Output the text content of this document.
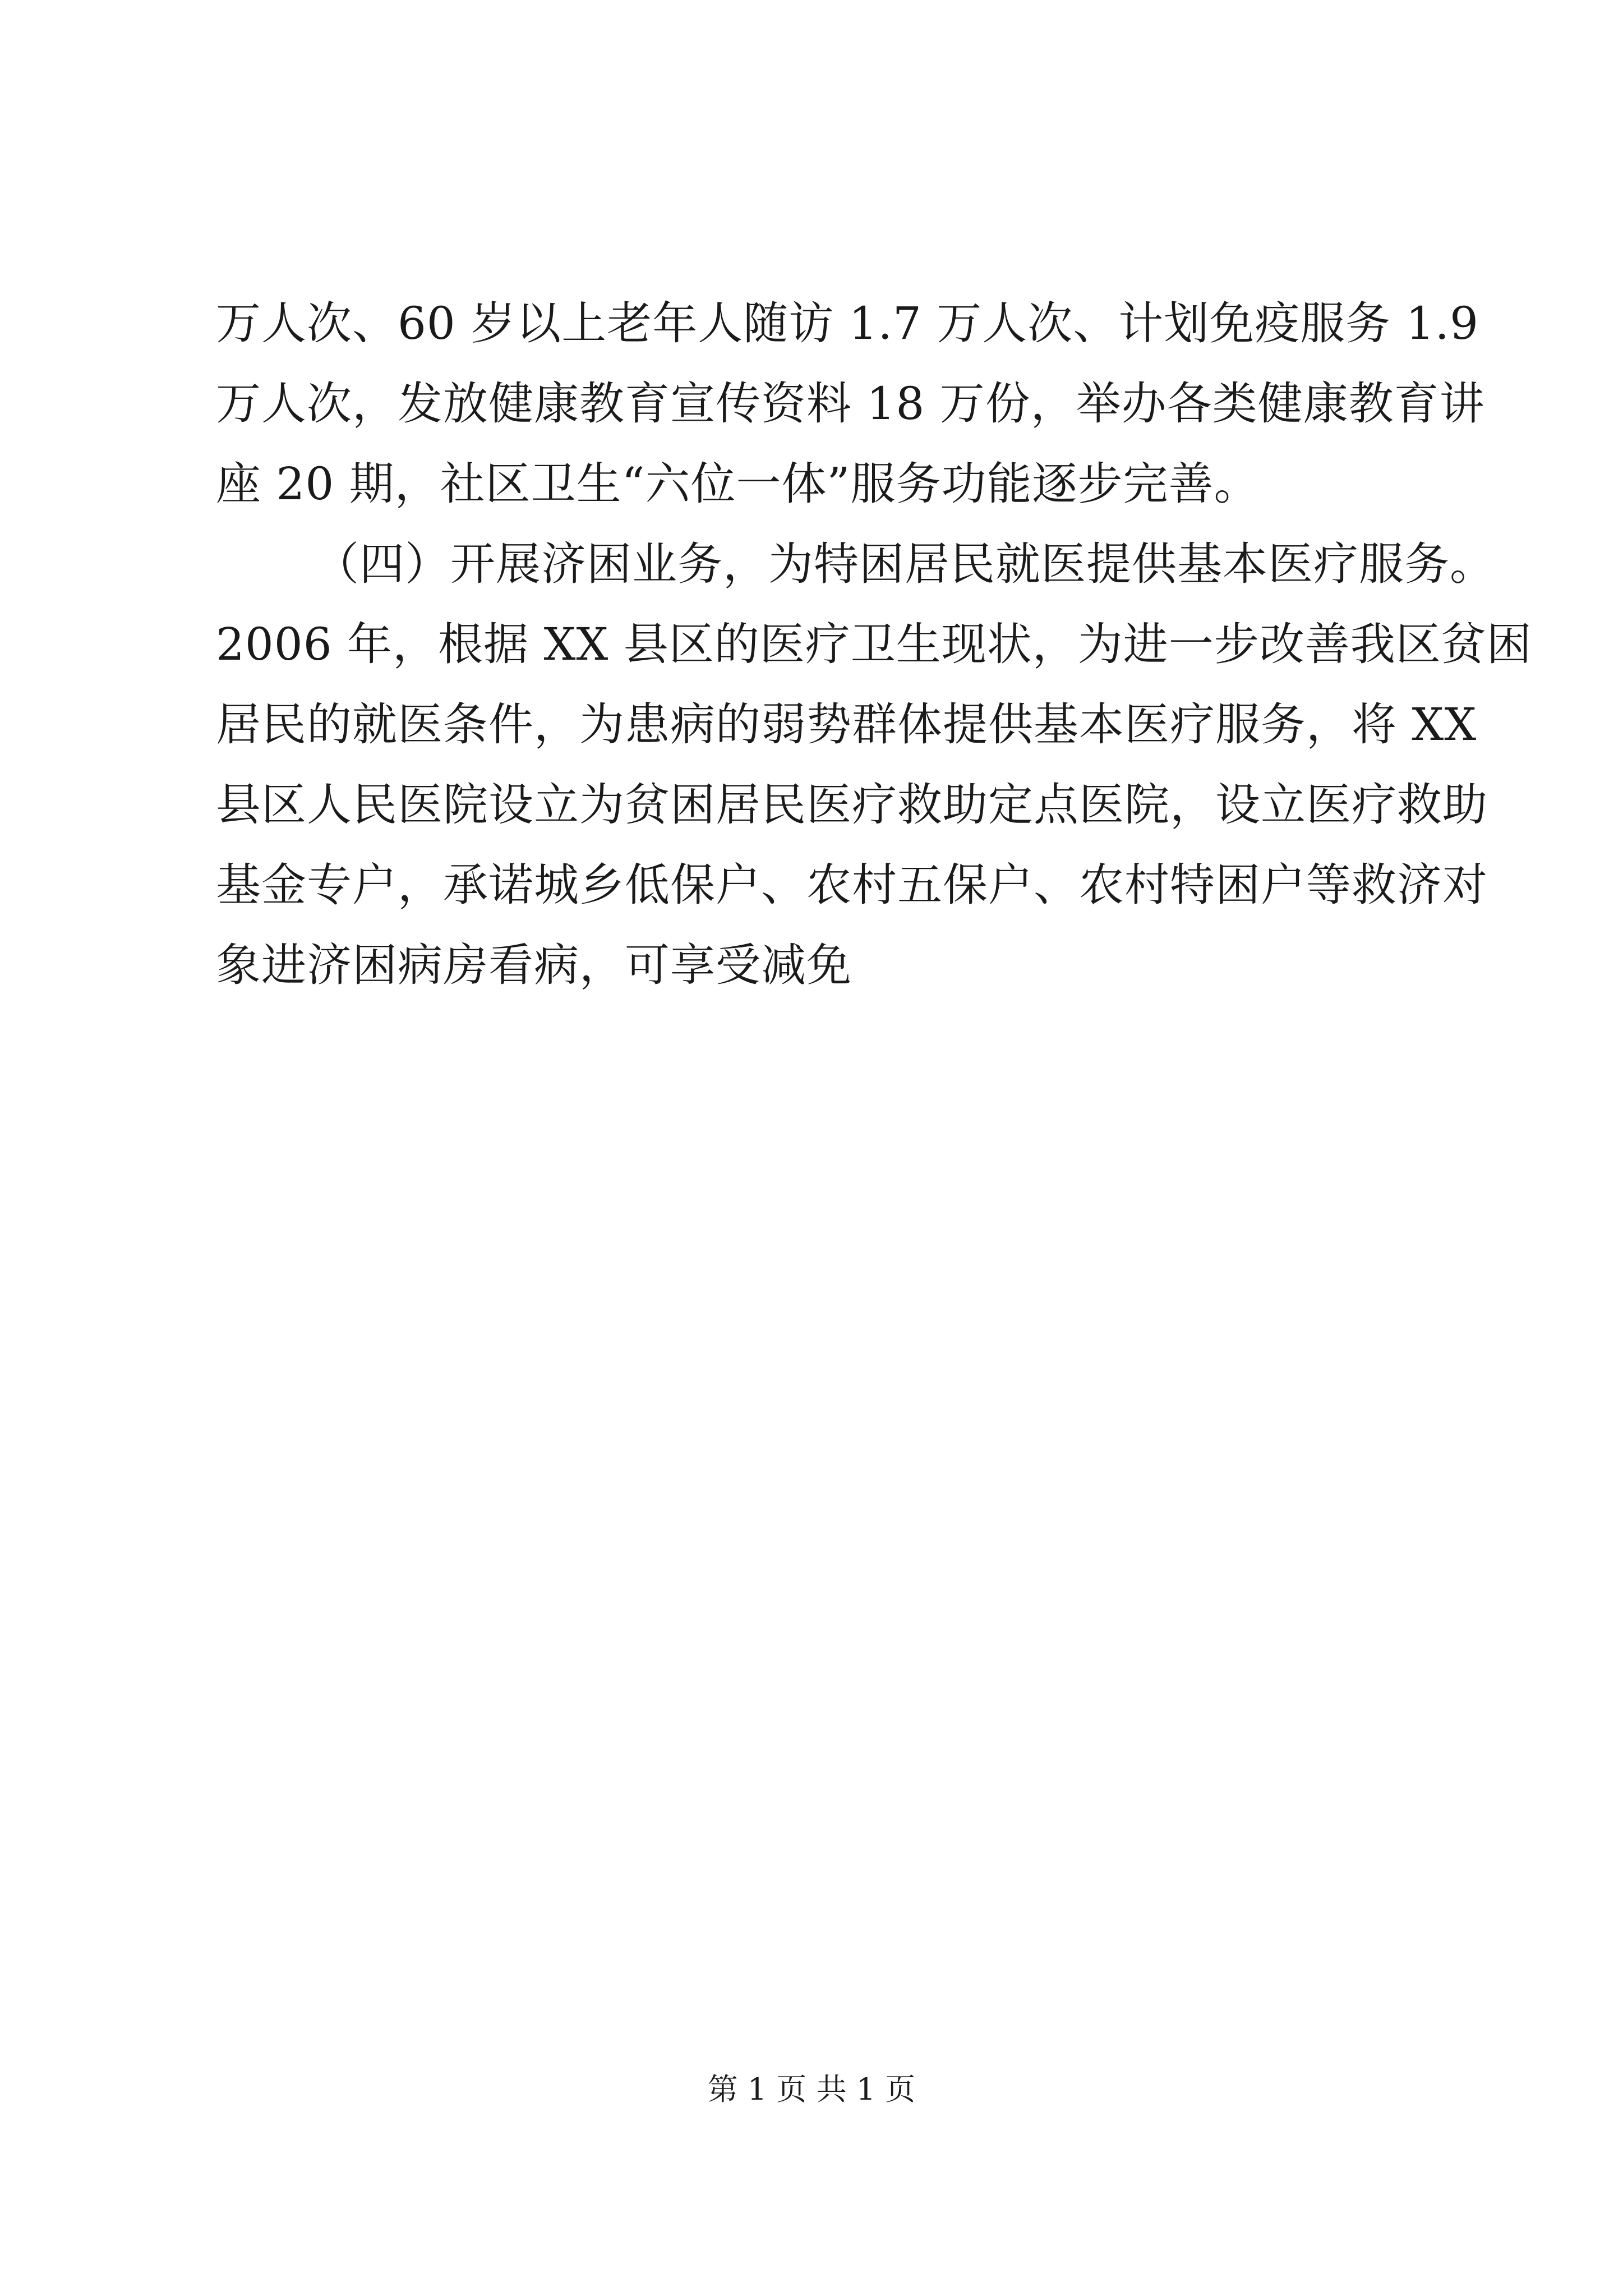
万人次、60 岁以上老年人随访 1.7 万人次、计划免疫服务 1.9
万人次，发放健康教育宣传资料 18 万份，举办各类健康教育讲
座 20 期，社区卫生“六位一体”服务功能逐步完善。
（四）开展济困业务，为特困居民就医提供基本医疗服务。
2006 年，根据 XX 县区的医疗卫生现状，为进一步改善我区贫困
居民的就医条件，为患病的弱势群体提供基本医疗服务，将 XX
县区人民医院设立为贫困居民医疗救助定点医院，设立医疗救助
基金专户，承诺城乡低保户、农村五保户、农村特困户等救济对
象进济困病房看病，可享受减免
第 1 页 共 1 页
